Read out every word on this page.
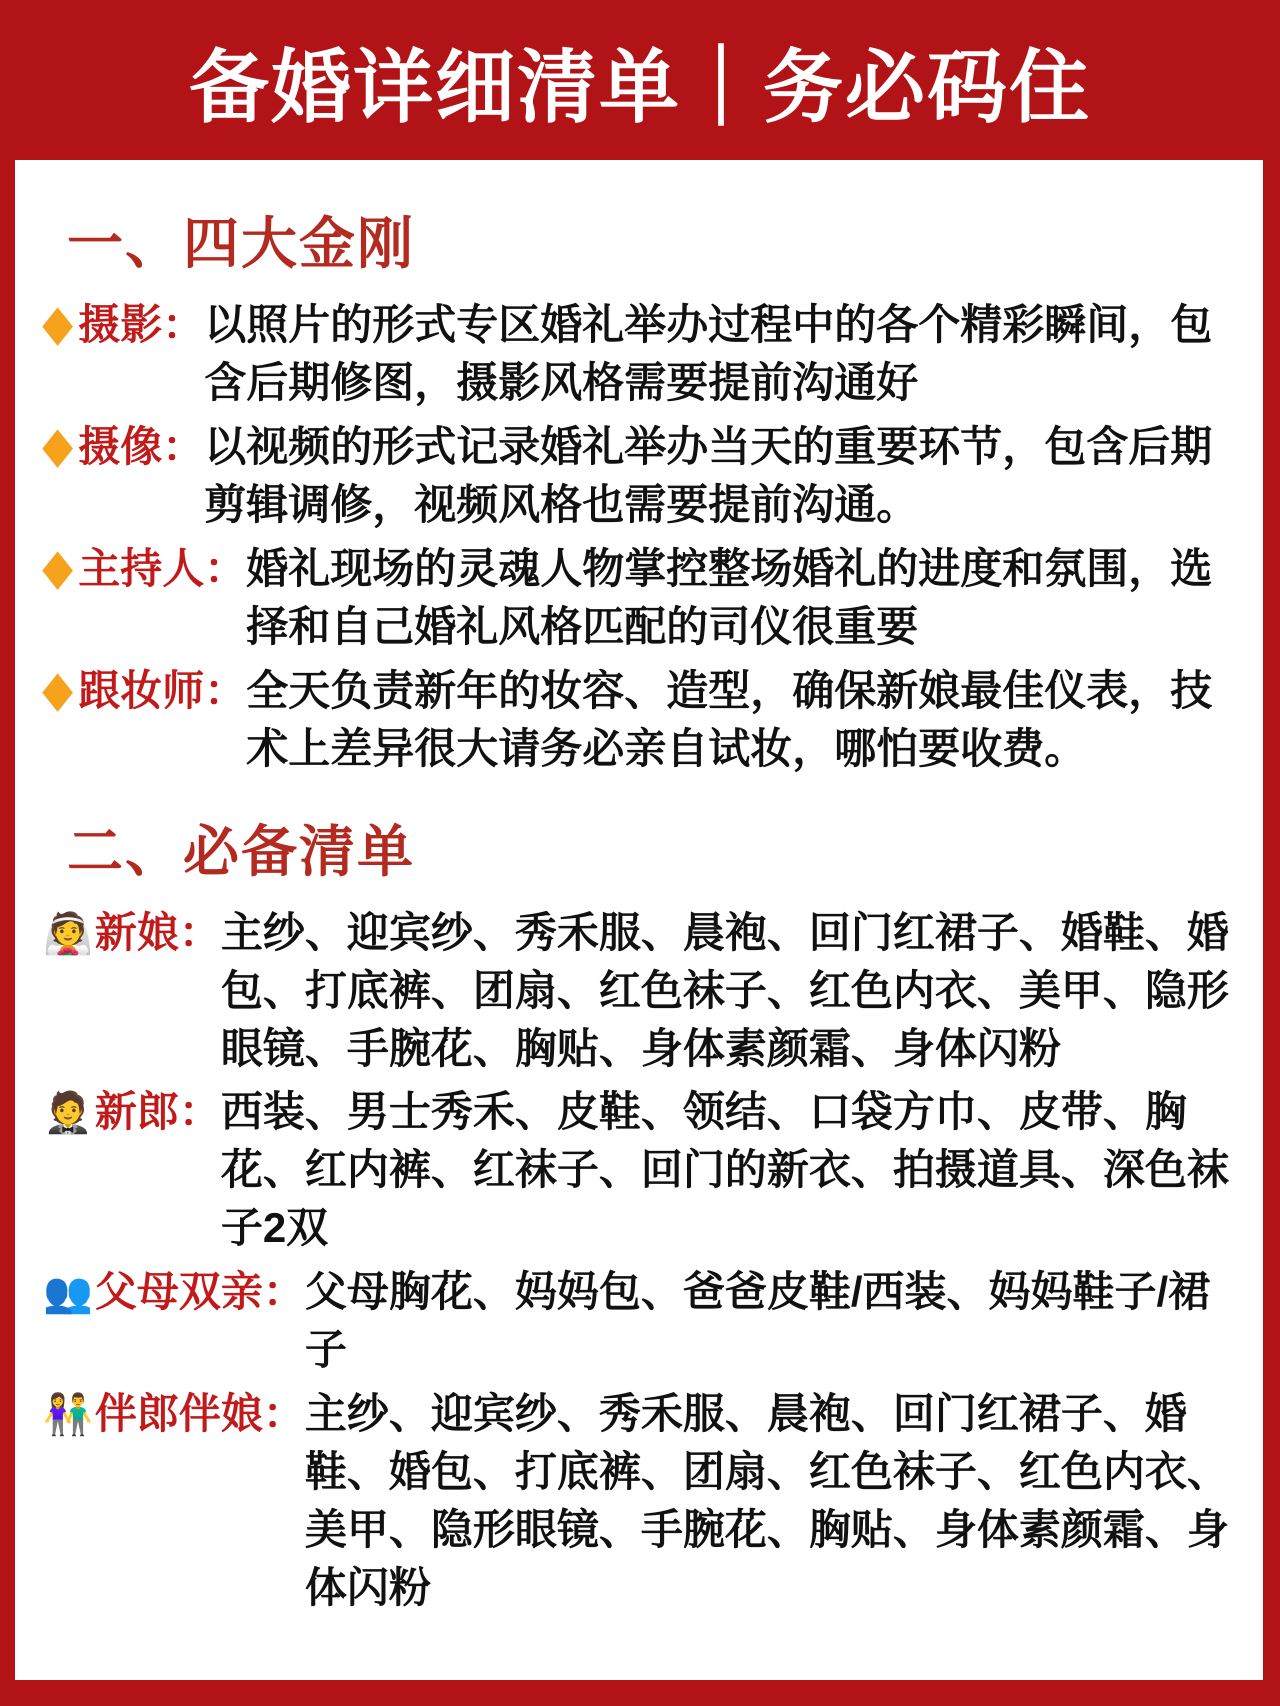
备婚详细清单｜务必码住
一、四大金刚
◆ 摄影： 以照片的形式专区婚礼举办过程中的各个精彩瞬间，包含后期修图，摄影风格需要提前沟通好
◆ 摄像： 以视频的形式记录婚礼举办当天的重要环节，包含后期剪辑调修，视频风格也需要提前沟通。
◆ 主持人： 婚礼现场的灵魂人物掌控整场婚礼的进度和氛围，选择和自己婚礼风格匹配的司仪很重要
◆ 跟妆师： 全天负责新年的妆容、造型，确保新娘最佳仪表，技术上差异很大请务必亲自试妆，哪怕要收费。
二、必备清单
👰新娘： 主纱、迎宾纱、秀禾服、晨袍、回门红裙子、婚鞋、婚包、打底裤、团扇、红色袜子、红色内衣、美甲、隐形眼镜、手腕花、胸贴、身体素颜霜、身体闪粉
🤵新郎： 西装、男士秀禾、皮鞋、领结、口袋方巾、皮带、胸花、红内裤、红袜子、回门的新衣、拍摄道具、深色袜子2双
👥父母双亲： 父母胸花、妈妈包、爸爸皮鞋/西装、妈妈鞋子/裙子
👫伴郎伴娘： 主纱、迎宾纱、秀禾服、晨袍、回门红裙子、婚鞋、婚包、打底裤、团扇、红色袜子、红色内衣、美甲、隐形眼镜、手腕花、胸贴、身体素颜霜、身体闪粉
